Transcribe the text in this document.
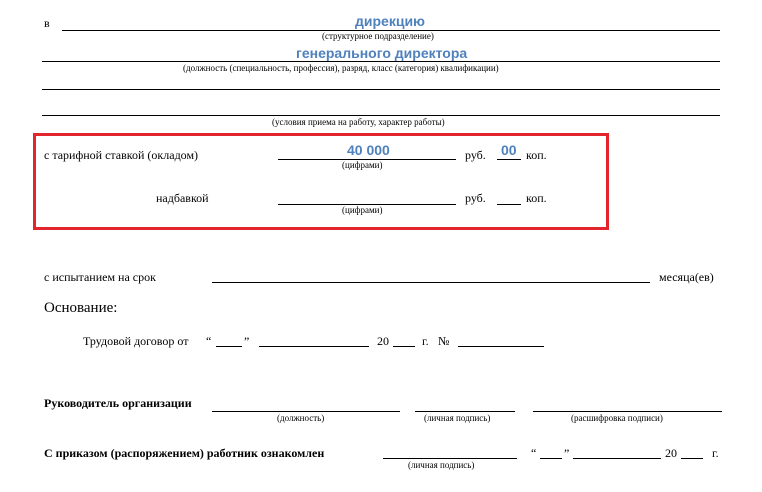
в	дирекцию
(структурное подразделение)
генерального директора
(должность (специальность, профессия), разряд, класс (категория) квалификации)
(условия приема на работу, характер работы)
с тарифной ставкой (окладом)	40 000
(цифрами)
руб. 00 коп.
надбавкой
(цифрами)
руб.	коп.
с испытанием на срок	месяца(ев)
Основание:
Трудовой договор от “	”	20	г. №
Руководитель организации
(должность)	(личная подпись)	(расшифровка подписи)
С приказом (распоряжением) работник ознакомлен
(личная подпись)
“ ”	20	г.
